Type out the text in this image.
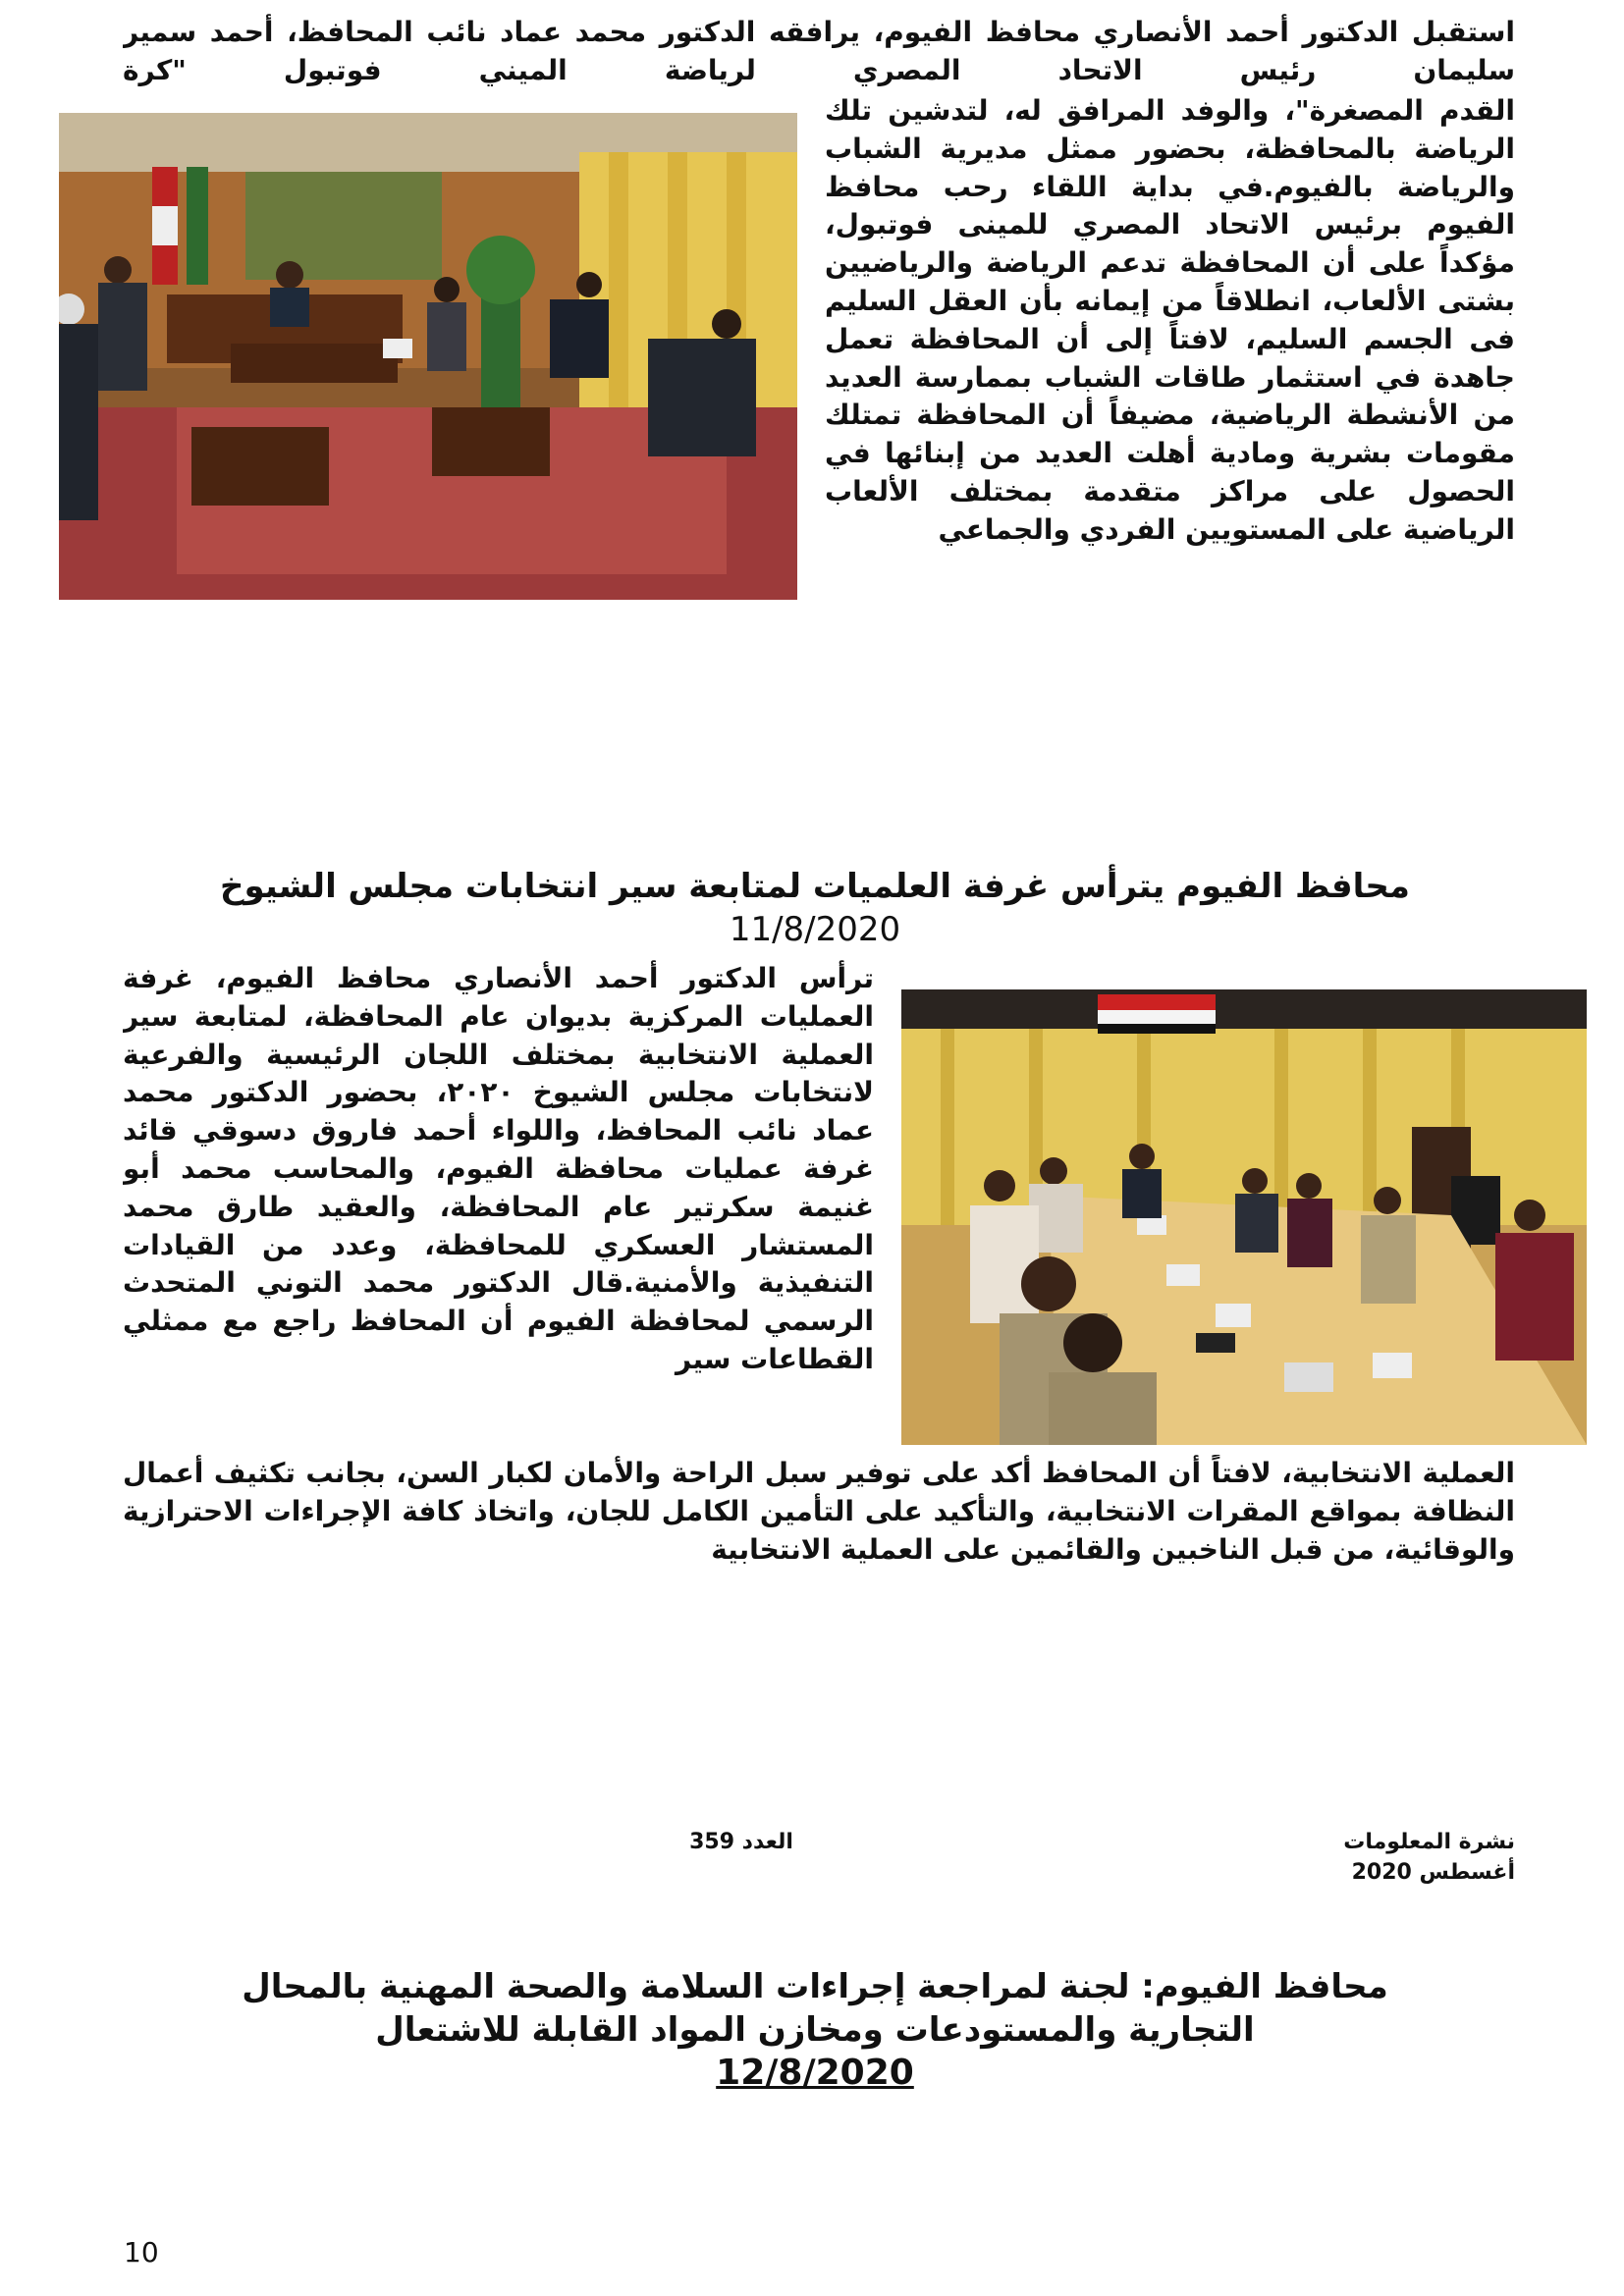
استقبل الدكتور أحمد الأنصاري محافظ الفيوم، يرافقه الدكتور محمد عماد نائب المحافظ، أحمد سمير سليمان رئيس الاتحاد المصري لرياضة الميني فوتبول "كرة
القدم المصغرة"، والوفد المرافق له، لتدشين تلك الرياضة بالمحافظة، بحضور ممثل مديرية الشباب والرياضة بالفيوم.في بداية اللقاء رحب محافظ الفيوم برئيس الاتحاد المصري للمينى فوتبول، مؤكداً على أن المحافظة تدعم الرياضة والرياضيين بشتى الألعاب، انطلاقاً من إيمانه بأن العقل السليم فى الجسم السليم، لافتاً إلى أن المحافظة تعمل جاهدة في استثمار طاقات الشباب بممارسة العديد من الأنشطة الرياضية، مضيفاً أن المحافظة تمتلك مقومات بشرية ومادية أهلت العديد من إبنائها في الحصول على مراكز متقدمة بمختلف الألعاب الرياضية على المستويين الفردي والجماعي
محافظ الفيوم يترأس غرفة العلميات لمتابعة سير انتخابات مجلس الشيوخ
11/8/2020
ترأس الدكتور أحمد الأنصاري محافظ الفيوم، غرفة العمليات المركزية بديوان عام المحافظة، لمتابعة سير العملية الانتخابية بمختلف اللجان الرئيسية والفرعية لانتخابات مجلس الشيوخ ٢٠٢٠، بحضور الدكتور محمد عماد نائب المحافظ، واللواء أحمد فاروق دسوقي قائد غرفة عمليات محافظة الفيوم، والمحاسب محمد أبو غنيمة سكرتير عام المحافظة، والعقيد طارق محمد المستشار العسكري للمحافظة، وعدد من القيادات التنفيذية والأمنية.قال الدكتور محمد التوني المتحدث الرسمي لمحافظة الفيوم أن المحافظ راجع مع ممثلي القطاعات سير
العملية الانتخابية، لافتاً أن المحافظ أكد على توفير سبل الراحة والأمان لكبار السن، بجانب تكثيف أعمال النظافة بمواقع المقرات الانتخابية، والتأكيد على التأمين الكامل للجان، واتخاذ كافة الإجراءات الاحترازية والوقائية، من قبل الناخبين والقائمين على العملية الانتخابية
نشرة المعلومات
أغسطس 2020
العدد 359
محافظ الفيوم: لجنة لمراجعة إجراءات السلامة والصحة المهنية بالمحال
التجارية والمستودعات ومخازن المواد القابلة للاشتعال
12/8/2020
10
